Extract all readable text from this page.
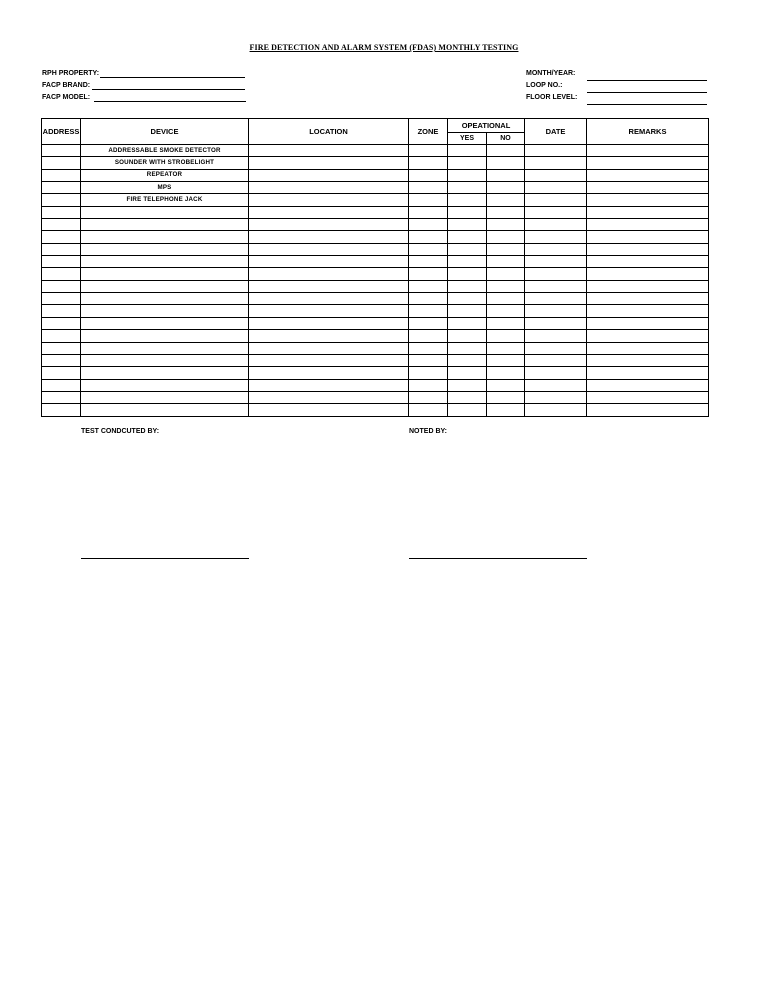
FIRE DETECTION AND ALARM SYSTEM (FDAS) MONTHLY TESTING
RPH PROPERTY:
FACP BRAND:
FACP MODEL:
MONTH/YEAR:
LOOP NO.:
FLOOR LEVEL:
ADDRESS	DEVICE	LOCATION	ZONE	OPEATIONAL		DATE	REMARKS
				YES	NO		
	ADDRESSABLE SMOKE DETECTOR						
	SOUNDER WITH STROBELIGHT						
	REPEATOR						
	MPS						
	FIRE TELEPHONE JACK						

TEST CONDCUTED BY:	NOTED BY:
